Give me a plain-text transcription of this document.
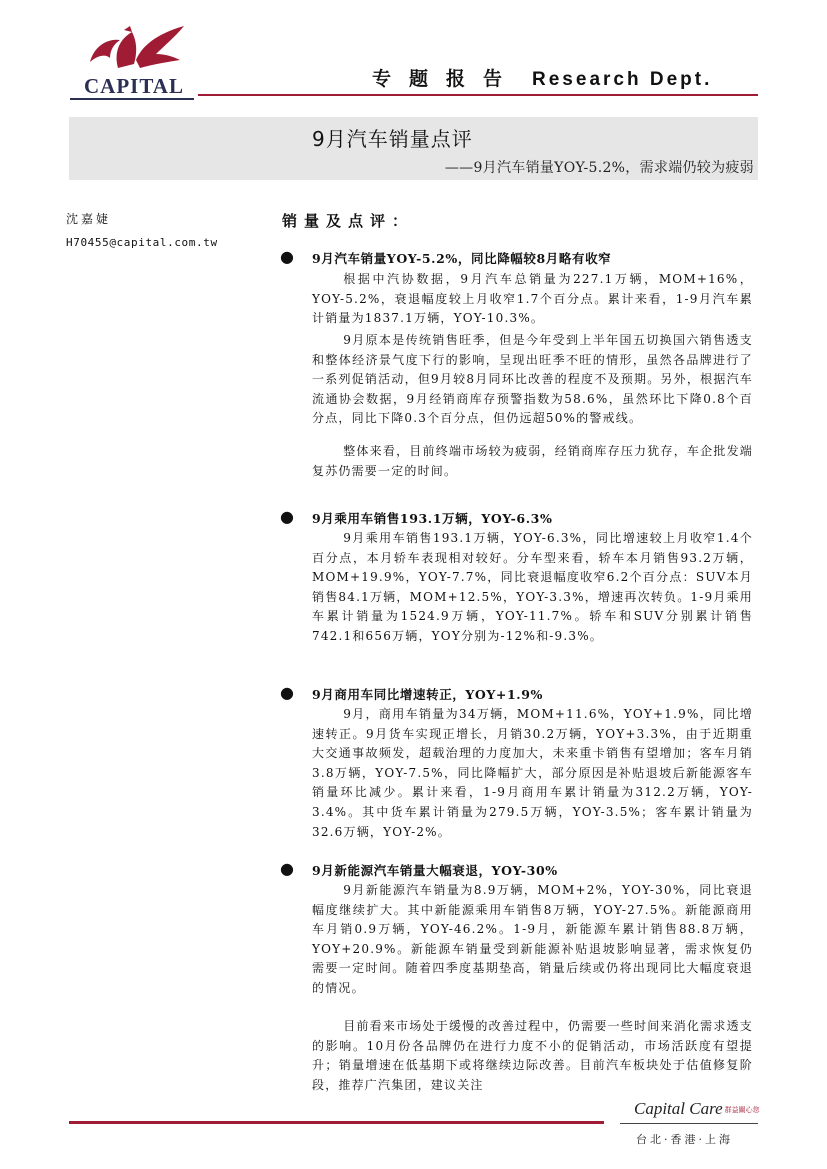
CAPITAL	专题报告 Research Dept.
9月汽车销量点评
——9月汽车销量YOY-5.2%，需求端仍较为疲弱
沈嘉婕
H70455@capital.com.tw
销量及点评：
● 9月汽车销量YOY-5.2%，同比降幅较8月略有收窄

根据中汽协数据，9月汽车总销量为227.1万辆，MOM+16%，YOY-5.2%，衰退幅度较上月收窄1.7个百分点。累计来看，1-9月汽车累计销量为1837.1万辆，YOY-10.3%。

9月原本是传统销售旺季，但是今年受到上半年国五切换国六销售透支和整体经济景气度下行的影响，呈现出旺季不旺的情形，虽然各品牌进行了一系列促销活动，但9月较8月同环比改善的程度不及预期。另外，根据汽车流通协会数据，9月经销商库存预警指数为58.6%，虽然环比下降0.8个百分点，同比下降0.3个百分点，但仍远超50%的警戒线。

整体来看，目前终端市场较为疲弱，经销商库存压力犹存，车企批发端复苏仍需要一定的时间。

● 9月乘用车销售193.1万辆，YOY-6.3%

9月乘用车销售193.1万辆，YOY-6.3%，同比增速较上月收窄1.4个百分点，本月轿车表现相对较好。分车型来看，轿车本月销售93.2万辆，MOM+19.9%，YOY-7.7%，同比衰退幅度收窄6.2个百分点：SUV本月销售84.1万辆，MOM+12.5%，YOY-3.3%，增速再次转负。1-9月乘用车累计销量为1524.9万辆，YOY-11.7%。轿车和SUV分别累计销售742.1和656万辆，YOY分别为-12%和-9.3%。

● 9月商用车同比增速转正，YOY+1.9%

9月，商用车销量为34万辆，MOM+11.6%，YOY+1.9%，同比增速转正。9月货车实现正增长，月销30.2万辆，YOY+3.3%，由于近期重大交通事故频发，超载治理的力度加大，未来重卡销售有望增加；客车月销3.8万辆，YOY-7.5%，同比降幅扩大，部分原因是补贴退坡后新能源客车销量环比减少。累计来看，1-9月商用车累计销量为312.2万辆，YOY-3.4%。其中货车累计销量为279.5万辆，YOY-3.5%；客车累计销量为32.6万辆，YOY-2%。

● 9月新能源汽车销量大幅衰退，YOY-30%

9月新能源汽车销量为8.9万辆，MOM+2%，YOY-30%，同比衰退幅度继续扩大。其中新能源乘用车销售8万辆，YOY-27.5%。新能源商用车月销0.9万辆，YOY-46.2%。1-9月，新能源车累计销售88.8万辆，YOY+20.9%。新能源车销量受到新能源补贴退坡影响显著，需求恢复仍需要一定时间。随着四季度基期垫高，销量后续或仍将出现同比大幅度衰退的情况。

目前看来市场处于缓慢的改善过程中，仍需要一些时间来消化需求透支的影响。10月份各品牌仍在进行力度不小的促销活动，市场活跃度有望提升；销量增速在低基期下或将继续边际改善。目前汽车板块处于估值修复阶段，推荐广汽集团，建议关注

Capital Care 群益關心您
台北·香港·上海
